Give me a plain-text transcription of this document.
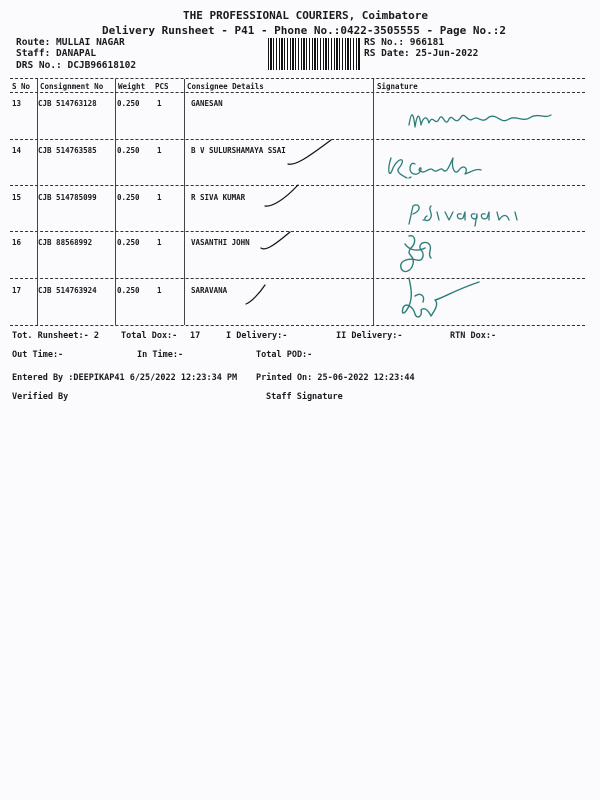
THE PROFESSIONAL COURIERS, Coimbatore
Delivery Runsheet - P41 - Phone No.:0422-3505555 - Page No.:2
Route: MULLAI NAGAR
Staff: DANAPAL
DRS No.: DCJB96618102
RS No.: 966181
RS Date: 25-Jun-2022
S No Consignment No Weight PCS Consignee Details	Signature
13 CJB 514763128	0.250 1	GANESAN
14 CJB 514763585	0.250 1	B V SULURSHAMAYA SSAI
15 CJB 514785099	0.250 1	R SIVA KUMAR
16 CJB 88568992	0.250 1	VASANTHI JOHN
17 CJB 514763924	0.250 1	SARAVANA
Tot. Runsheet:- 2	Total Dox:- 17	I Delivery:-	II Delivery:-	RTN Dox:-
Out Time:-	In Time:-	Total POD:-
Entered By :DEEPIKAP41 6/25/2022 12:23:34 PM Printed On: 25-06-2022 12:23:44
Verified By	Staff Signature
